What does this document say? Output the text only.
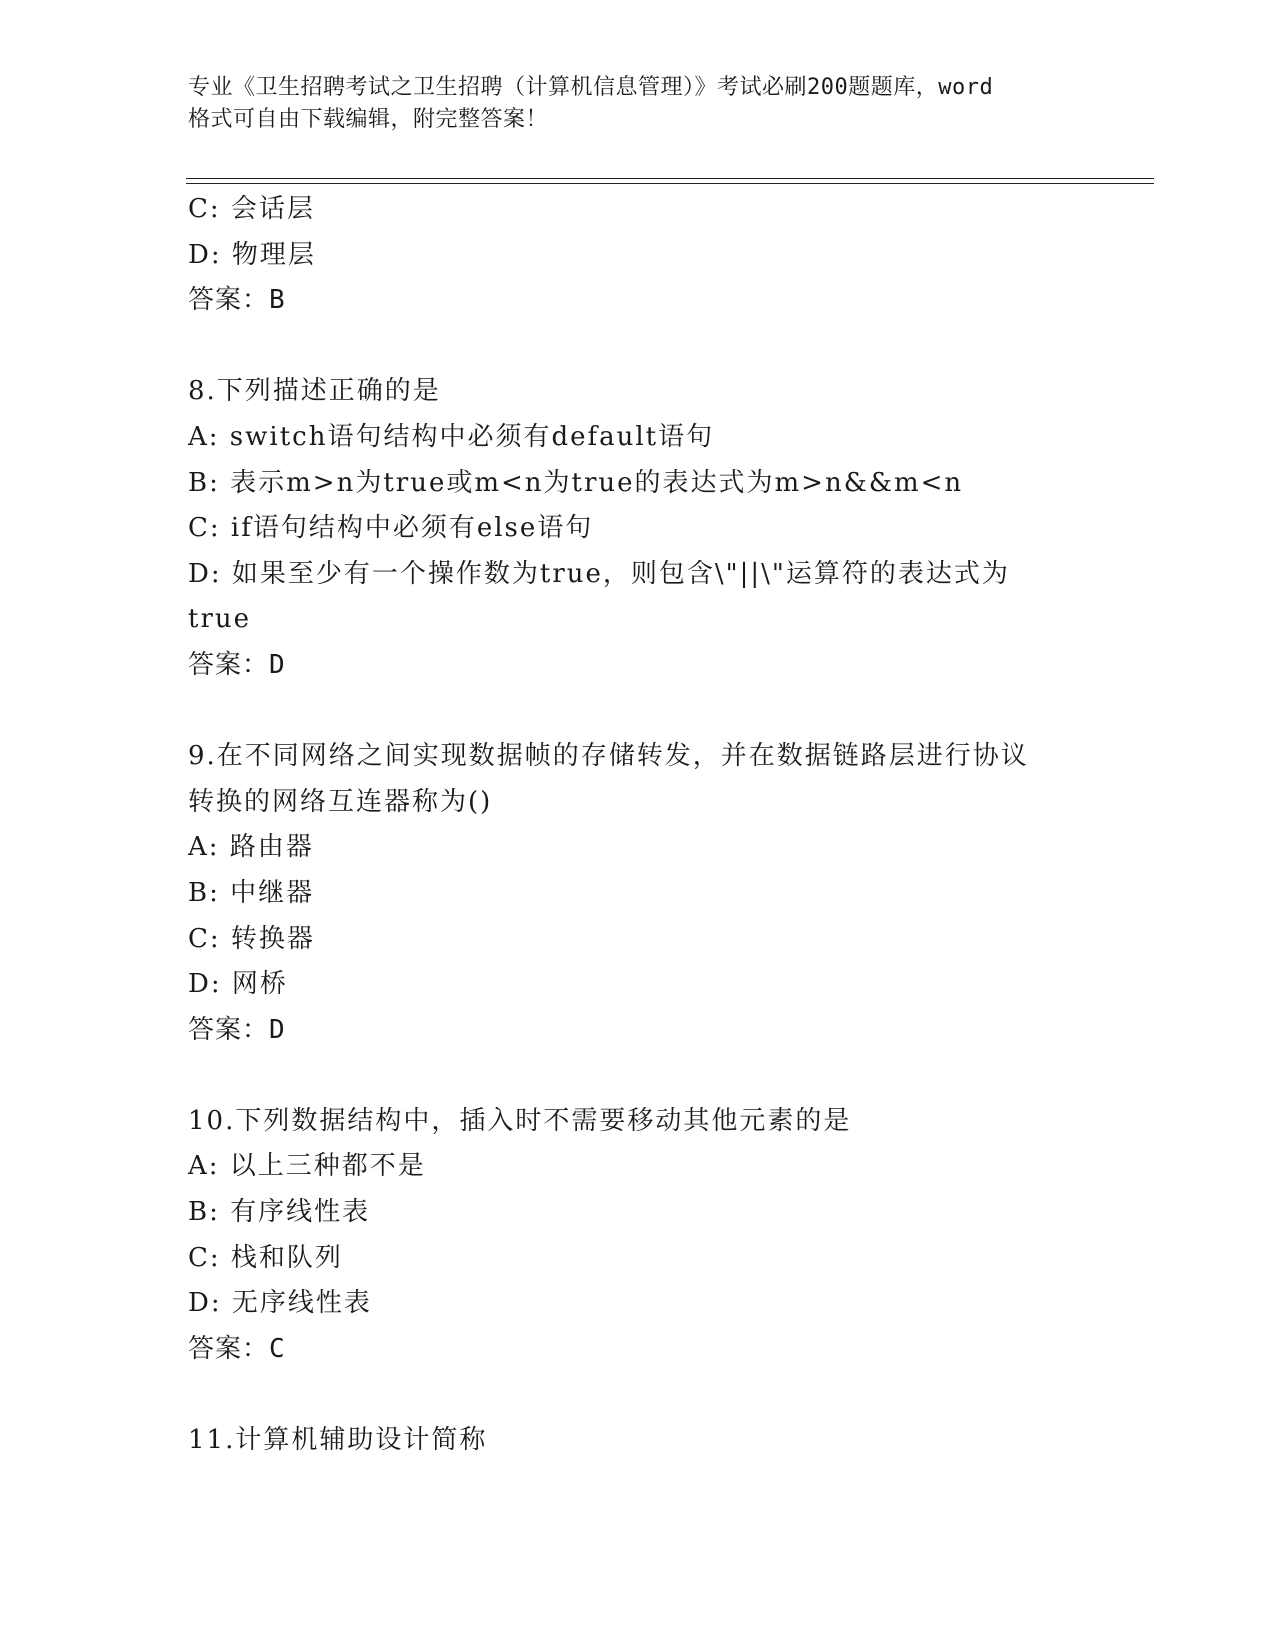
专业《卫生招聘考试之卫生招聘（计算机信息管理）》考试必刷200题题库，word
格式可自由下载编辑，附完整答案！
C: 会话层
D: 物理层
答案：B
8.下列描述正确的是
A: switch语句结构中必须有default语句
B: 表示m>n为true或m<n为true的表达式为m>n&&m<n
C: if语句结构中必须有else语句
D: 如果至少有一个操作数为true，则包含\"||\"运算符的表达式为
true
答案：D
9.在不同网络之间实现数据帧的存储转发，并在数据链路层进行协议
转换的网络互连器称为()
A: 路由器
B: 中继器
C: 转换器
D: 网桥
答案：D
10.下列数据结构中，插入时不需要移动其他元素的是
A: 以上三种都不是
B: 有序线性表
C: 栈和队列
D: 无序线性表
答案：C
11.计算机辅助设计简称
